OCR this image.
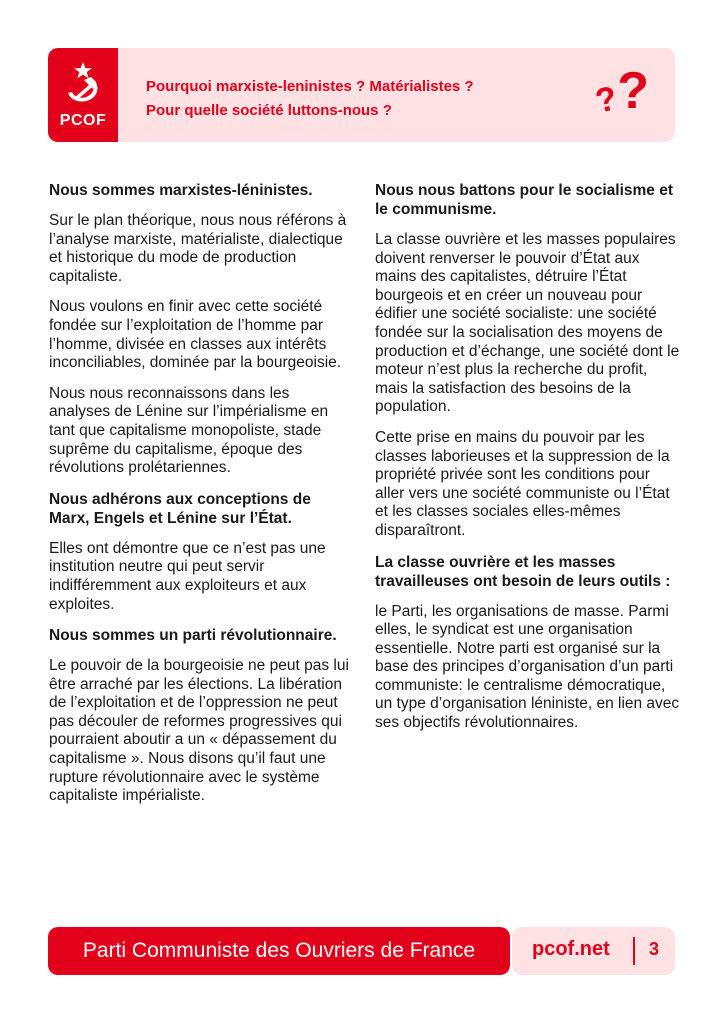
PCOF
Pourquoi marxiste-leninistes ? Matérialistes ?
Pour quelle société luttons-nous ?	??
Nous sommes marxistes-léninistes.

Sur le plan théorique, nous nous référons à l’analyse marxiste, matérialiste, dialectique et historique du mode de production capitaliste.

Nous voulons en finir avec cette société fondée sur l’exploitation de l’homme par l’homme, divisée en classes aux intérêts inconciliables, dominée par la bourgeoisie.

Nous nous reconnaissons dans les analyses de Lénine sur l’impérialisme en tant que capitalisme monopoliste, stade suprême du capitalisme, époque des révolutions prolétariennes.

Nous adhérons aux conceptions de Marx, Engels et Lénine sur l’État.

Elles ont démontre que ce n’est pas une institution neutre qui peut servir indifféremment aux exploiteurs et aux exploites.

Nous sommes un parti révolutionnaire.

Le pouvoir de la bourgeoisie ne peut pas lui être arraché par les élections. La libération de l’exploitation et de l’oppression ne peut pas découler de reformes progressives qui pourraient aboutir a un « dépassement du capitalisme ». Nous disons qu’il faut une rupture révolutionnaire avec le système capitaliste impérialiste.

Nous nous battons pour le socialisme et le communisme.

La classe ouvrière et les masses populaires doivent renverser le pouvoir d’État aux mains des capitalistes, détruire l’État bourgeois et en créer un nouveau pour édifier une société socialiste: une société fondée sur la socialisation des moyens de production et d’échange, une société dont le moteur n’est plus la recherche du profit, mais la satisfaction des besoins de la population.

Cette prise en mains du pouvoir par les classes laborieuses et la suppression de la propriété privée sont les conditions pour aller vers une société communiste ou l’État et les classes sociales elles-mêmes disparaîtront.

La classe ouvrière et les masses travailleuses ont besoin de leurs outils :

le Parti, les organisations de masse. Parmi elles, le syndicat est une organisation essentielle. Notre parti est organisé sur la base des principes d’organisation d’un parti communiste: le centralisme démocratique, un type d’organisation léniniste, en lien avec ses objectifs révolutionnaires.

Parti Communiste des Ouvriers de France	pcof.net 3
